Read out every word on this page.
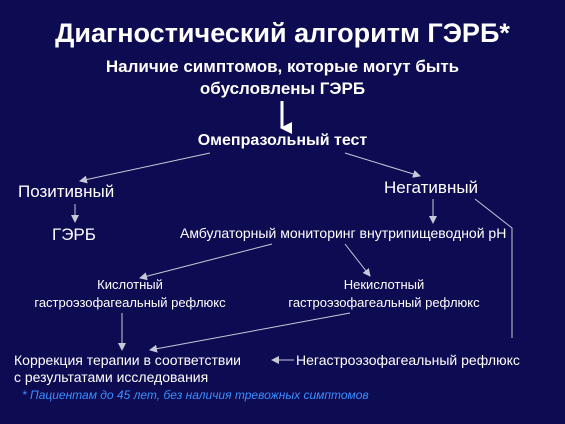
Диагностический алгоритм ГЭРБ*
Наличие симптомов, которые могут быть
обусловлены ГЭРБ
Омепразольный тест
Позитивный	Негативный
ГЭРБ	Амбулаторный мониторинг внутрипищеводной рН
Кислотный
гастроэзофагеальный рефлюкс
Некислотный
гастроэзофагеальный рефлюкс
Коррекция терапии в соответствии
с результатами исследования
Негастроэзофагеальный рефлюкс
* Пациентам до 45 лет, без наличия тревожных симптомов
